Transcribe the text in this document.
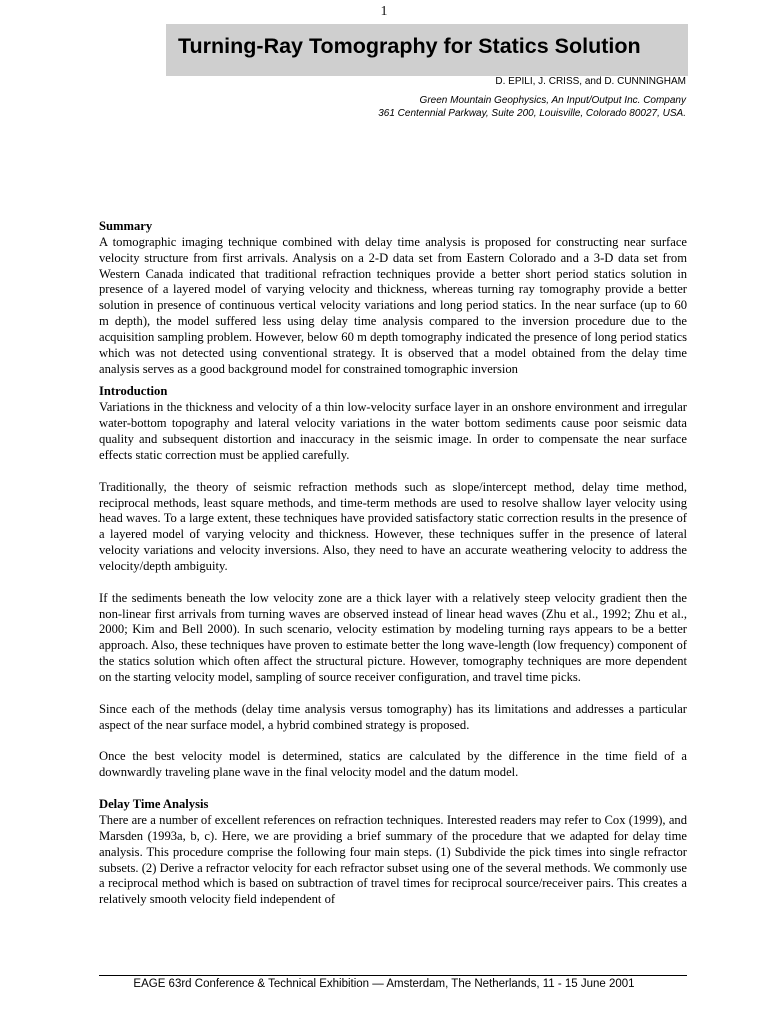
1
Turning-Ray Tomography for Statics Solution
D. EPILI, J. CRISS, and D. CUNNINGHAM
Green Mountain Geophysics, An Input/Output Inc. Company
361 Centennial Parkway, Suite 200, Louisville, Colorado 80027, USA.
Summary

A tomographic imaging technique combined with delay time analysis is proposed for constructing near surface velocity structure from first arrivals. Analysis on a 2-D data set from Eastern Colorado and a 3-D data set from Western Canada indicated that traditional refraction techniques provide a better short period statics solution in presence of a layered model of varying velocity and thickness, whereas turning ray tomography provide a better solution in presence of continuous vertical velocity variations and long period statics. In the near surface (up to 60 m depth), the model suffered less using delay time analysis compared to the inversion procedure due to the acquisition sampling problem. However, below 60 m depth tomography indicated the presence of long period statics which was not detected using conventional strategy. It is observed that a model obtained from the delay time analysis serves as a good background model for constrained tomographic inversion

Introduction

Variations in the thickness and velocity of a thin low-velocity surface layer in an onshore environment and irregular water-bottom topography and lateral velocity variations in the water bottom sediments cause poor seismic data quality and subsequent distortion and inaccuracy in the seismic image. In order to compensate the near surface effects static correction must be applied carefully.

Traditionally, the theory of seismic refraction methods such as slope/intercept method, delay time method, reciprocal methods, least square methods, and time-term methods are used to resolve shallow layer velocity using head waves. To a large extent, these techniques have provided satisfactory static correction results in the presence of a layered model of varying velocity and thickness. However, these techniques suffer in the presence of lateral velocity variations and velocity inversions. Also, they need to have an accurate weathering velocity to address the velocity/depth ambiguity.

If the sediments beneath the low velocity zone are a thick layer with a relatively steep velocity gradient then the non-linear first arrivals from turning waves are observed instead of linear head waves (Zhu et al., 1992; Zhu et al., 2000; Kim and Bell 2000). In such scenario, velocity estimation by modeling turning rays appears to be a better approach. Also, these techniques have proven to estimate better the long wave-length (low frequency) component of the statics solution which often affect the structural picture. However, tomography techniques are more dependent on the starting velocity model, sampling of source receiver configuration, and travel time picks.

Since each of the methods (delay time analysis versus tomography) has its limitations and addresses a particular aspect of the near surface model, a hybrid combined strategy is proposed.

Once the best velocity model is determined, statics are calculated by the difference in the time field of a downwardly traveling plane wave in the final velocity model and the datum model.

Delay Time Analysis

There are a number of excellent references on refraction techniques. Interested readers may refer to Cox (1999), and Marsden (1993a, b, c). Here, we are providing a brief summary of the procedure that we adapted for delay time analysis. This procedure comprise the following four main steps. (1) Subdivide the pick times into single refractor subsets. (2) Derive a refractor velocity for each refractor subset using one of the several methods. We commonly use a reciprocal method which is based on subtraction of travel times for reciprocal source/receiver pairs. This creates a relatively smooth velocity field independent of

EAGE 63rd Conference & Technical Exhibition — Amsterdam, The Netherlands, 11 - 15 June 2001
